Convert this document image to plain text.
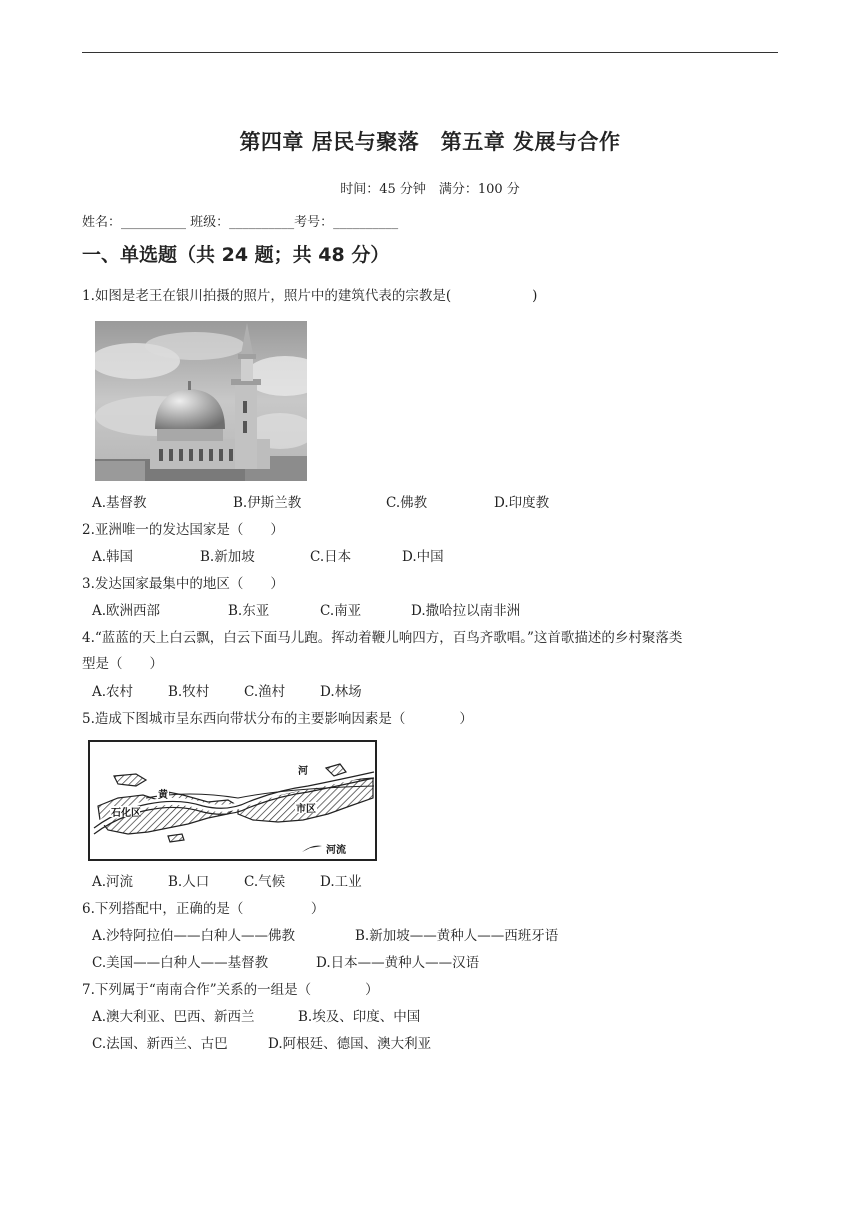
第四章 居民与聚落　第五章 发展与合作
时间：45 分钟　满分：100 分
姓名：__________ 班级：__________考号：__________
一、单选题（共 24 题；共 48 分）
1.如图是老王在银川拍摄的照片，照片中的建筑代表的宗教是(　　　　　　)
A.基督教	B.伊斯兰教	C.佛教	D.印度教
2.亚洲唯一的发达国家是（　　）
A.韩国	B.新加坡	C.日本	D.中国
3.发达国家最集中的地区（　　）
A.欧洲西部	B.东亚	C.南亚	D.撒哈拉以南非洲
4.“蓝蓝的天上白云飘，白云下面马儿跑。挥动着鞭儿响四方，百鸟齐歌唱。”这首歌描述的乡村聚落类
型是（　　）
A.农村	B.牧村	C.渔村	D.林场
5.造成下图城市呈东西向带状分布的主要影响因素是（　　　　）
石化区
黄
河
市区
河流
A.河流	B.人口	C.气候	D.工业
6.下列搭配中，正确的是（　　　　　）
A.沙特阿拉伯——白种人——佛教	B.新加坡——黄种人——西班牙语
C.美国——白种人——基督教	D.日本——黄种人——汉语
7.下列属于“南南合作”关系的一组是（　　　　）
A.澳大利亚、巴西、新西兰	B.埃及、印度、中国
C.法国、新西兰、古巴	D.阿根廷、德国、澳大利亚
